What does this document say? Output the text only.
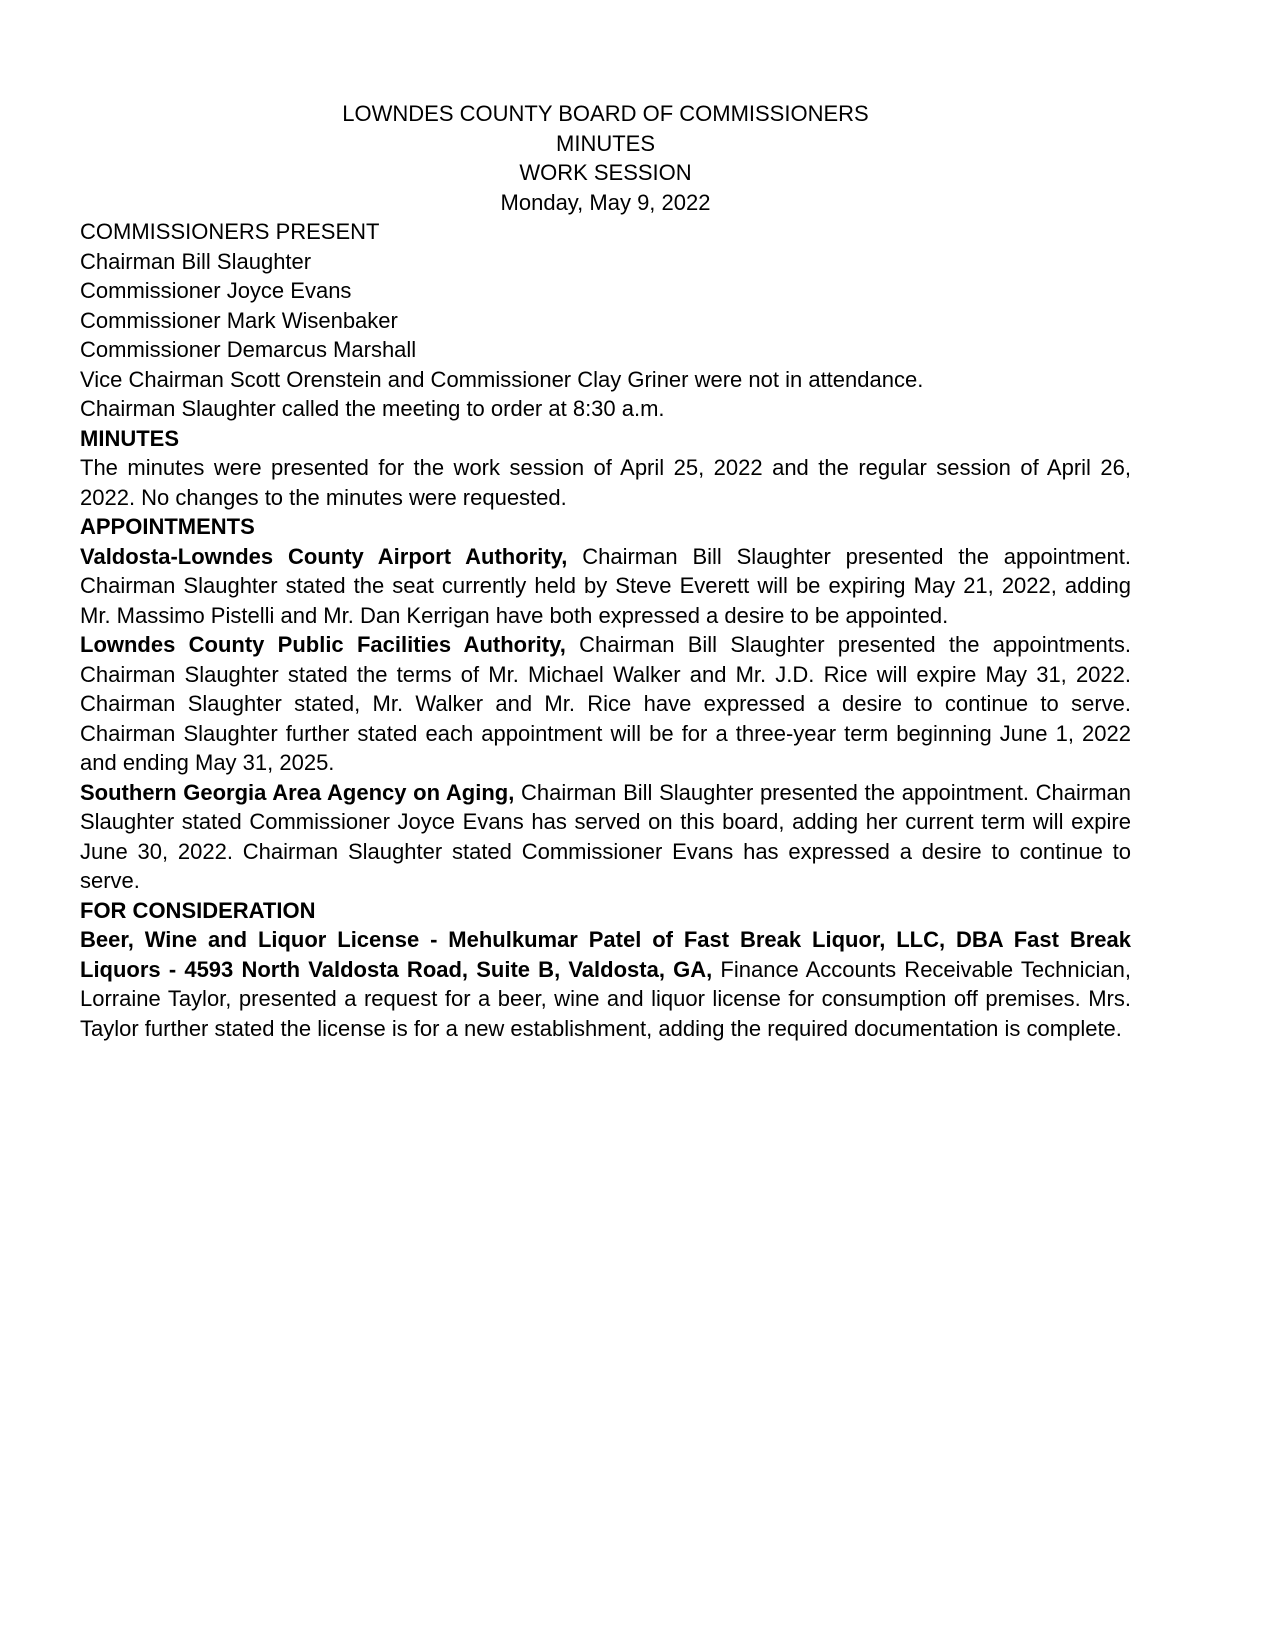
LOWNDES COUNTY BOARD OF COMMISSIONERS
MINUTES
WORK SESSION
Monday, May 9, 2022
COMMISSIONERS PRESENT
Chairman Bill Slaughter
Commissioner Joyce Evans
Commissioner Mark Wisenbaker
Commissioner Demarcus Marshall

Vice Chairman Scott Orenstein and Commissioner Clay Griner were not in attendance.

Chairman Slaughter called the meeting to order at 8:30 a.m.

MINUTES

The minutes were presented for the work session of April 25, 2022 and the regular session of April 26, 2022. No changes to the minutes were requested.

APPOINTMENTS

Valdosta-Lowndes County Airport Authority, Chairman Bill Slaughter presented the appointment. Chairman Slaughter stated the seat currently held by Steve Everett will be expiring May 21, 2022, adding Mr. Massimo Pistelli and Mr. Dan Kerrigan have both expressed a desire to be appointed.

Lowndes County Public Facilities Authority, Chairman Bill Slaughter presented the appointments. Chairman Slaughter stated the terms of Mr. Michael Walker and Mr. J.D. Rice will expire May 31, 2022. Chairman Slaughter stated, Mr. Walker and Mr. Rice have expressed a desire to continue to serve. Chairman Slaughter further stated each appointment will be for a three-year term beginning June 1, 2022 and ending May 31, 2025.

Southern Georgia Area Agency on Aging, Chairman Bill Slaughter presented the appointment. Chairman Slaughter stated Commissioner Joyce Evans has served on this board, adding her current term will expire June 30, 2022. Chairman Slaughter stated Commissioner Evans has expressed a desire to continue to serve.

FOR CONSIDERATION

Beer, Wine and Liquor License - Mehulkumar Patel of Fast Break Liquor, LLC, DBA Fast Break Liquors - 4593 North Valdosta Road, Suite B, Valdosta, GA, Finance Accounts Receivable Technician, Lorraine Taylor, presented a request for a beer, wine and liquor license for consumption off premises. Mrs. Taylor further stated the license is for a new establishment, adding the required documentation is complete.
